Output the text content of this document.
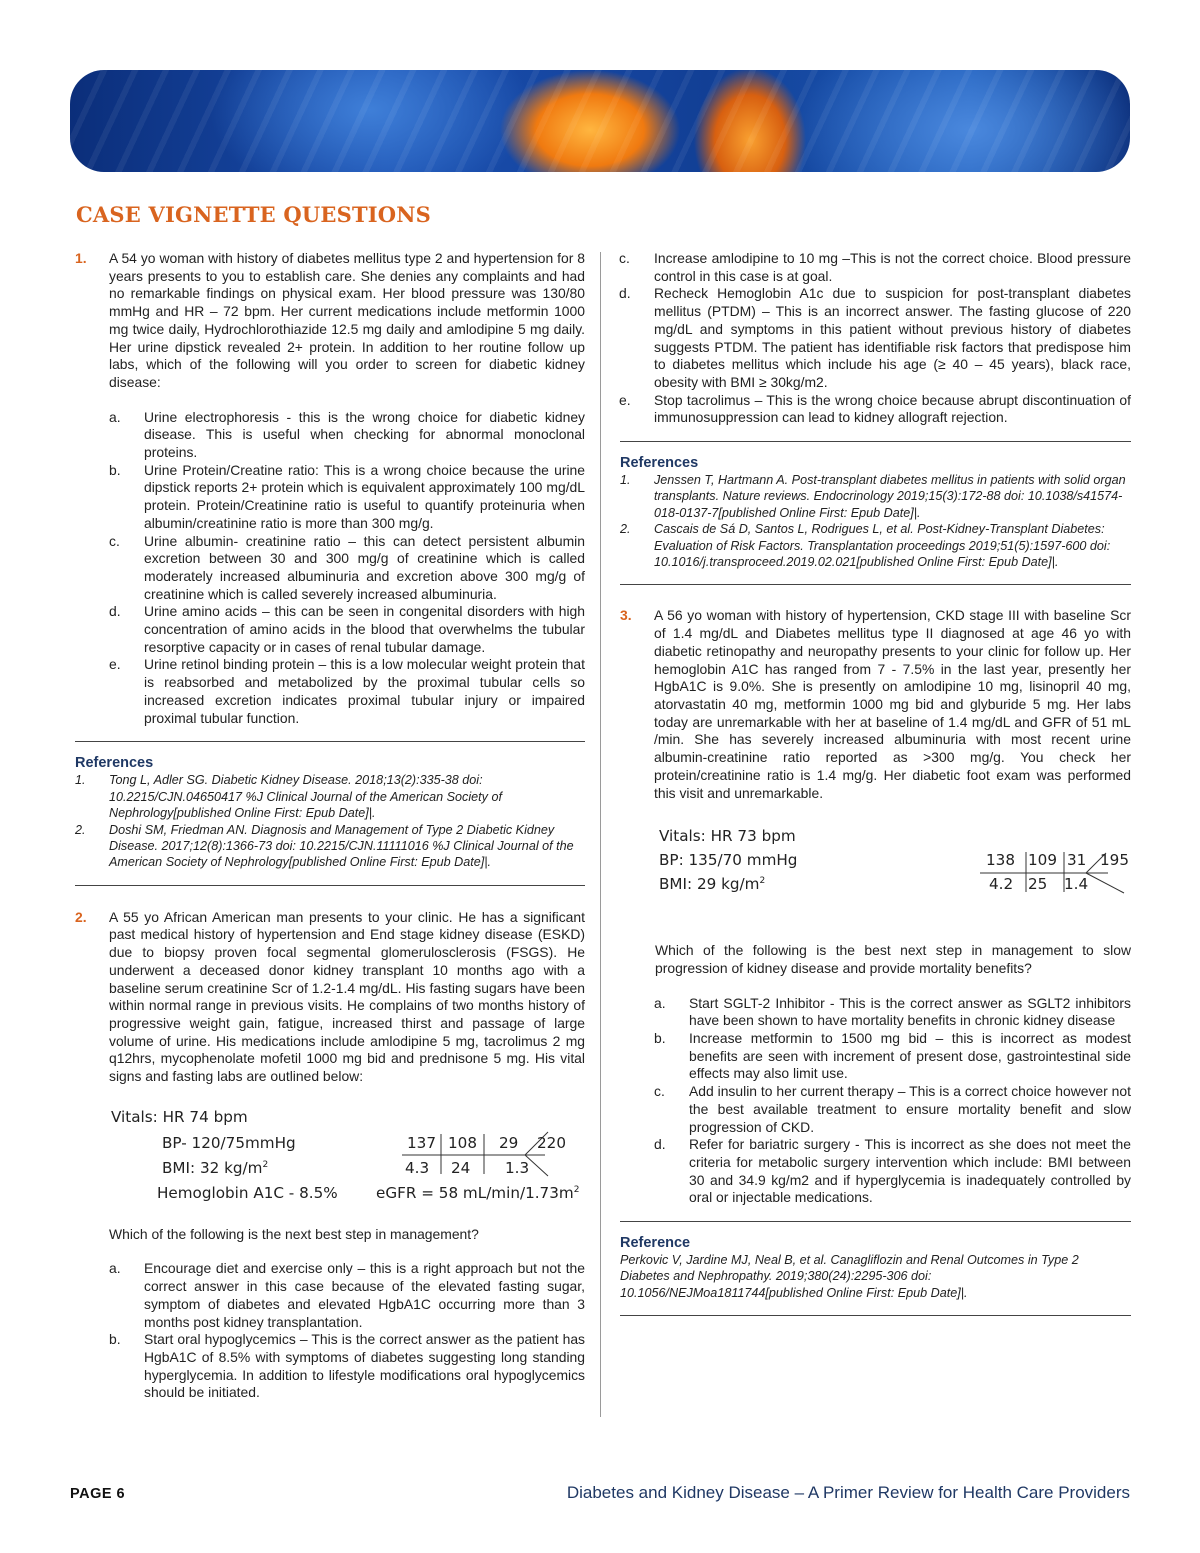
CASE VIGNETTE QUESTIONS
1. A 54 yo woman with history of diabetes mellitus type 2 and hypertension for 8 years presents to you to establish care. She denies any complaints and had no remarkable findings on physical exam. Her blood pressure was 130/80 mmHg and HR – 72 bpm. Her current medications include metformin 1000 mg twice daily, Hydrochlorothiazide 12.5 mg daily and amlodipine 5 mg daily. Her urine dipstick revealed 2+ protein. In addition to her routine follow up labs, which of the following will you order to screen for diabetic kidney disease:

a. Urine electrophoresis - this is the wrong choice for diabetic kidney disease. This is useful when checking for abnormal monoclonal proteins.
b. Urine Protein/Creatine ratio: This is a wrong choice because the urine dipstick reports 2+ protein which is equivalent approximately 100 mg/dL protein. Protein/Creatinine ratio is useful to quantify proteinuria when albumin/creatinine ratio is more than 300 mg/g.
c. Urine albumin- creatinine ratio – this can detect persistent albumin excretion between 30 and 300 mg/g of creatinine which is called moderately increased albuminuria and excretion above 300 mg/g of creatinine which is called severely increased albuminuria.
d. Urine amino acids – this can be seen in congenital disorders with high concentration of amino acids in the blood that overwhelms the tubular resorptive capacity or in cases of renal tubular damage.
e. Urine retinol binding protein – this is a low molecular weight protein that is reabsorbed and metabolized by the proximal tubular cells so increased excretion indicates proximal tubular injury or impaired proximal tubular function.
References
1. Tong L, Adler SG. Diabetic Kidney Disease. 2018;13(2):335-38 doi: 10.2215/CJN.04650417 %J Clinical Journal of the American Society of Nephrology[published Online First: Epub Date]|.
2. Doshi SM, Friedman AN. Diagnosis and Management of Type 2 Diabetic Kidney Disease. 2017;12(8):1366-73 doi: 10.2215/CJN.11111016 %J Clinical Journal of the American Society of Nephrology[published Online First: Epub Date]|.
2. A 55 yo African American man presents to your clinic. He has a significant past medical history of hypertension and End stage kidney disease (ESKD) due to biopsy proven focal segmental glomerulosclerosis (FSGS). He underwent a deceased donor kidney transplant 10 months ago with a baseline serum creatinine Scr of 1.2-1.4 mg/dL. His fasting sugars have been within normal range in previous visits. He complains of two months history of progressive weight gain, fatigue, increased thirst and passage of large volume of urine. His medications include amlodipine 5 mg, tacrolimus 2 mg q12hrs, mycophenolate mofetil 1000 mg bid and prednisone 5 mg. His vital signs and fasting labs are outlined below:

Vitals: HR 74 bpm
BP- 120/75mmHg
BMI: 32 $kg/m^2$
Hemoglobin A1C - 8.5%	eGFR = 58 $mL/\min/1.73m^2$
137 108 29 220
4.3 24 1.3

Which of the following is the next best step in management?

a. Encourage diet and exercise only – this is a right approach but not the correct answer in this case because of the elevated fasting sugar, symptom of diabetes and elevated HgbA1C occurring more than 3 months post kidney transplantation.
b. Start oral hypoglycemics – This is the correct answer as the patient has HgbA1C of 8.5% with symptoms of diabetes suggesting long standing hyperglycemia. In addition to lifestyle modifications oral hypoglycemics should be initiated.
c. Increase amlodipine to 10 mg –This is not the correct choice. Blood pressure control in this case is at goal.
d. Recheck Hemoglobin A1c due to suspicion for post-transplant diabetes mellitus (PTDM) – This is an incorrect answer. The fasting glucose of 220 mg/dL and symptoms in this patient without previous history of diabetes suggests PTDM. The patient has identifiable risk factors that predispose him to diabetes mellitus which include his age (≥ 40 – 45 years), black race, obesity with BMI ≥ 30kg/m2.
e. Stop tacrolimus – This is the wrong choice because abrupt discontinuation of immunosuppression can lead to kidney allograft rejection.
References
1. Jenssen T, Hartmann A. Post-transplant diabetes mellitus in patients with solid organ transplants. Nature reviews. Endocrinology 2019;15(3):172-88 doi: 10.1038/s41574-018-0137-7[published Online First: Epub Date]|.
2. Cascais de Sá D, Santos L, Rodrigues L, et al. Post-Kidney-Transplant Diabetes: Evaluation of Risk Factors. Transplantation proceedings 2019;51(5):1597-600 doi: 10.1016/j.transproceed.2019.02.021[published Online First: Epub Date]|.
3. A 56 yo woman with history of hypertension, CKD stage III with baseline Scr of 1.4 mg/dL and Diabetes mellitus type II diagnosed at age 46 yo with diabetic retinopathy and neuropathy presents to your clinic for follow up. Her hemoglobin A1C has ranged from 7 - 7.5% in the last year, presently her HgbA1C is 9.0%. She is presently on amlodipine 10 mg, lisinopril 40 mg, atorvastatin 40 mg, metformin 1000 mg bid and glyburide 5 mg. Her labs today are unremarkable with her at baseline of 1.4 mg/dL and GFR of 51 mL /min. She has severely increased albuminuria with most recent urine albumin-creatinine ratio reported as >300 mg/g. You check her protein/creatinine ratio is 1.4 mg/g. Her diabetic foot exam was performed this visit and unremarkable.

Vitals: HR 73 bpm
BP: 135/70 mmHg
BMI: 29 $kg/m^2$
138 109 31 195
4.2 25 1.4

Which of the following is the best next step in management to slow progression of kidney disease and provide mortality benefits?

a. Start SGLT-2 Inhibitor - This is the correct answer as SGLT2 inhibitors have been shown to have mortality benefits in chronic kidney disease
b. Increase metformin to 1500 mg bid – this is incorrect as modest benefits are seen with increment of present dose, gastrointestinal side effects may also limit use.
c. Add insulin to her current therapy – This is a correct choice however not the best available treatment to ensure mortality benefit and slow progression of CKD.
d. Refer for bariatric surgery - This is incorrect as she does not meet the criteria for metabolic surgery intervention which include: BMI between 30 and 34.9 kg/m2 and if hyperglycemia is inadequately controlled by oral or injectable medications.
Reference
Perkovic V, Jardine MJ, Neal B, et al. Canagliflozin and Renal Outcomes in Type 2 Diabetes and Nephropathy. 2019;380(24):2295-306 doi: 10.1056/NEJMoa1811744[published Online First: Epub Date]|.
PAGE 6	Diabetes and Kidney Disease – A Primer Review for Health Care Providers
